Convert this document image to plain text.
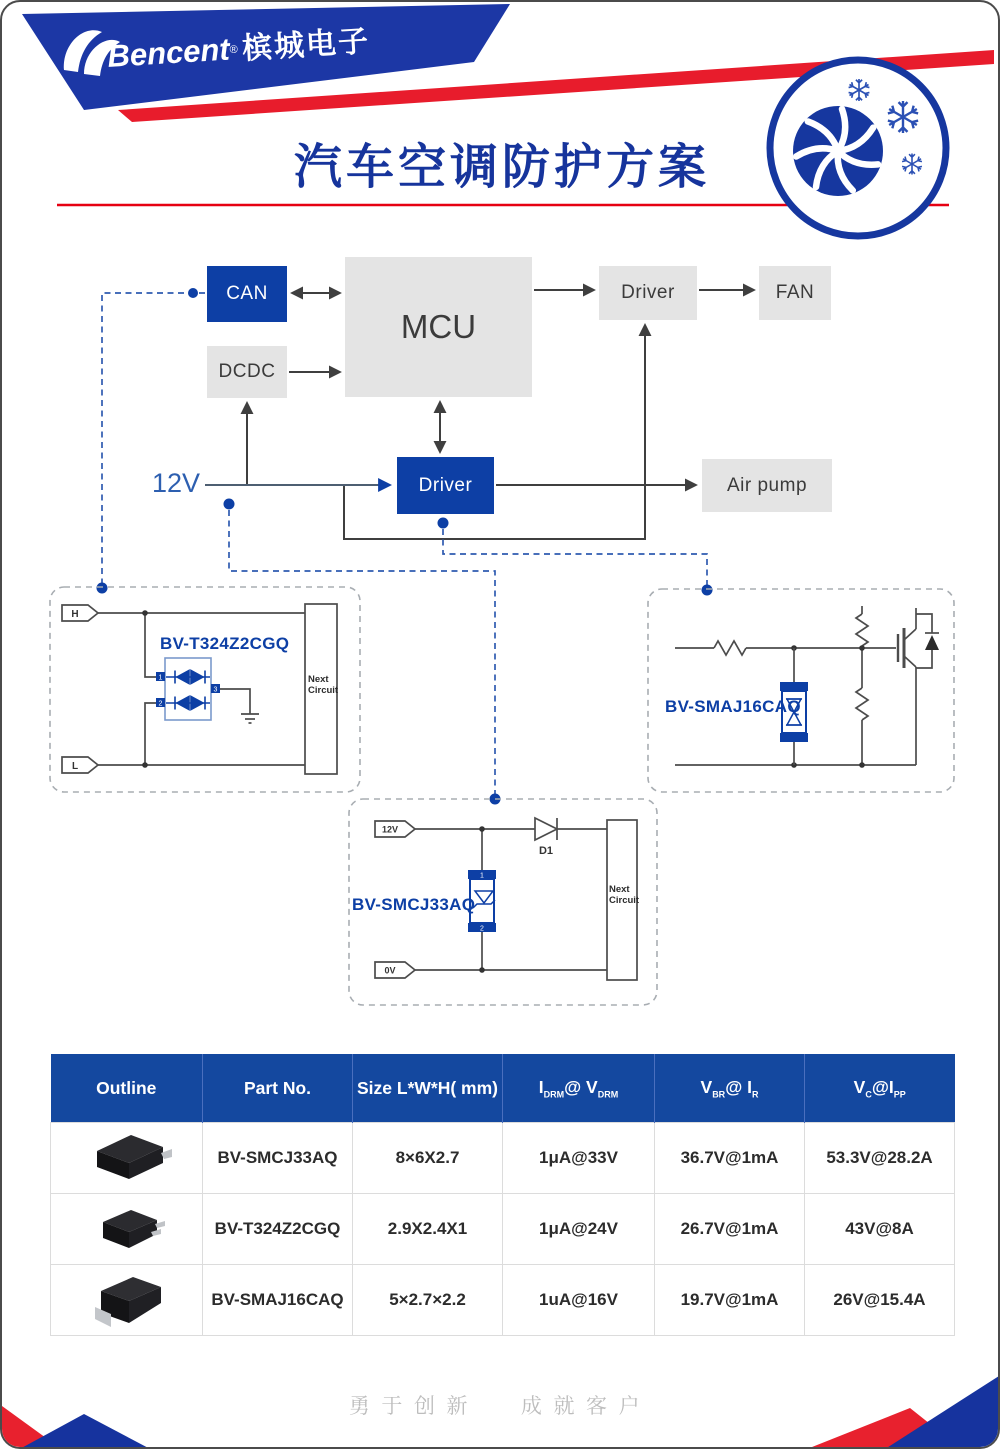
1
2
3
H
L
1
2
12V
0V
D1
Bencent® 槟城电子
汽车空调防护方案
CAN
MCU
DCDC
Driver	FAN
12V	Driver	Air pump
BV-T324Z2CGQ
Next Circuit
BV-SMAJ16CAQ
BV-SMCJ33AQ
Next Circuit
Outline	Part No.	Size L*W*H( mm)	$I_{DRM}@$ $V_{DRM}$	$V_{BR}@$ $I_R$	$V_C@I_{PP}$
	BV-SMCJ33AQ	8×6X2.7	1μA@33V	36.7V@1mA	53.3V@28.2A
	BV-T324Z2CGQ	2.9X2.4X1	1μA@24V	26.7V@1mA	43V@8A
	BV-SMAJ16CAQ	5×2.7×2.2	1uA@16V	19.7V@1mA	26V@15.4A
勇于创新 成就客户
